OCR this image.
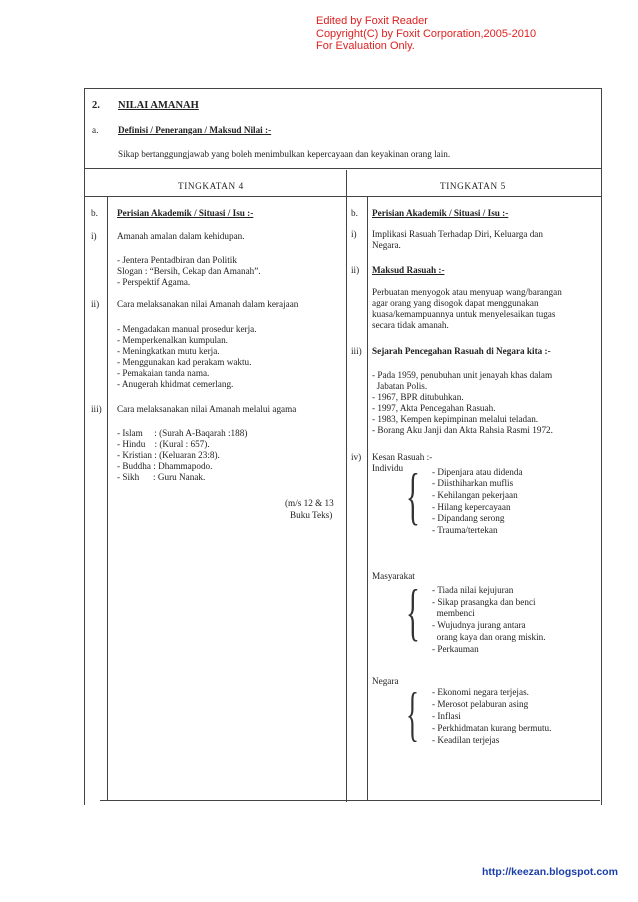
Edited by Foxit Reader
Copyright(C) by Foxit Corporation,2005-2010
For Evaluation Only.
2. NILAI AMANAH
a. Definisi / Penerangan / Maksud Nilai :-
Sikap bertanggungjawab yang boleh menimbulkan kepercayaan dan keyakinan orang lain.
TINGKATAN 4	TINGKATAN 5
b. Perisian Akademik / Situasi / Isu :-
i) Amanah amalan dalam kehidupan.
- Jentera Pentadbiran dan Politik
Slogan : “Bersih, Cekap dan Amanah”.
- Perspektif Agama.
ii) Cara melaksanakan nilai Amanah dalam kerajaan
- Mengadakan manual prosedur kerja.
- Memperkenalkan kumpulan.
- Meningkatkan mutu kerja.
- Menggunakan kad perakam waktu.
- Pemakaian tanda nama.
- Anugerah khidmat cemerlang.
iii) Cara melaksanakan nilai Amanah melalui agama
- Islam     : (Surah A-Baqarah :188)
- Hindu    : (Kural : 657).
- Kristian : (Keluaran 23:8).
- Buddha : Dhammapodo.
- Sikh      : Guru Nanak.
(m/s 12 & 13
Buku Teks)
b. Perisian Akademik / Situasi / Isu :-
i) Implikasi Rasuah Terhadap Diri, Keluarga dan
Negara.
ii) Maksud Rasuah :-
Perbuatan menyogok atau menyuap wang/barangan
agar orang yang disogok dapat menggunakan
kuasa/kemampuannya untuk menyelesaikan tugas
secara tidak amanah.
iii) Sejarah Pencegahan Rasuah di Negara kita :-
- Pada 1959, penubuhan unit jenayah khas dalam
Jabatan Polis.
- 1967, BPR ditubuhkan.
- 1997, Akta Pencegahan Rasuah.
- 1983, Kempen kepimpinan melalui teladan.
- Borang Aku Janji dan Akta Rahsia Rasmi 1972.
iv) Kesan Rasuah :-
Individu { - Dipenjara atau didenda
- Diisthiharkan muflis
- Kehilangan pekerjaan
- Hilang kepercayaan
- Dipandang serong
- Trauma/tertekan
Masyarakat
{ - Tiada nilai kejujuran
- Sikap prasangka dan benci
membenci
- Wujudnya jurang antara
orang kaya dan orang miskin.
- Perkauman
Negara { - Ekonomi negara terjejas.
- Merosot pelaburan asing
- Inflasi
- Perkhidmatan kurang bermutu.
- Keadilan terjejas
http://keezan.blogspot.com
